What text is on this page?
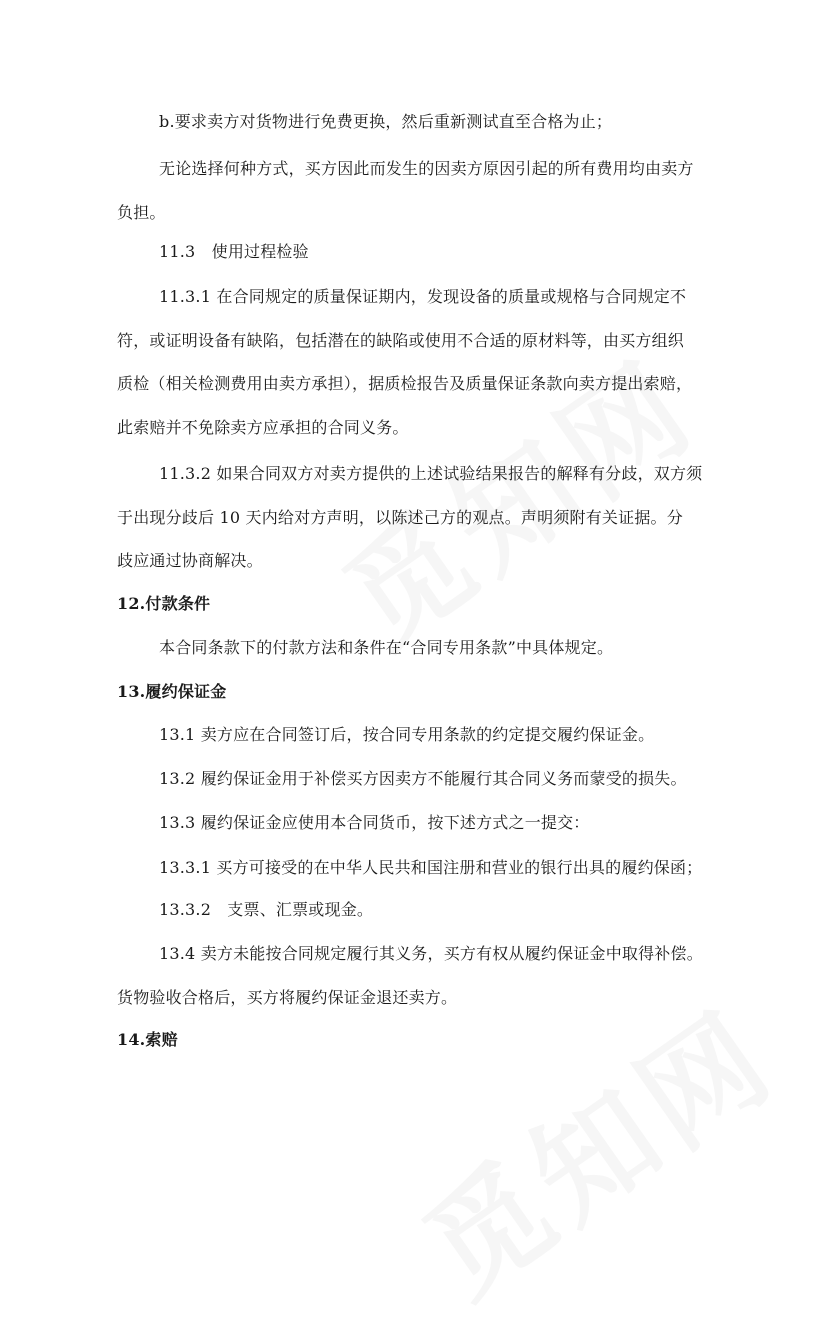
b.要求卖方对货物进行免费更换，然后重新测试直至合格为止；
无论选择何种方式，买方因此而发生的因卖方原因引起的所有费用均由卖方
负担。
11.3　使用过程检验
11.3.1 在合同规定的质量保证期内，发现设备的质量或规格与合同规定不
符，或证明设备有缺陷，包括潜在的缺陷或使用不合适的原材料等，由买方组织
质检（相关检测费用由卖方承担），据质检报告及质量保证条款向卖方提出索赔，
此索赔并不免除卖方应承担的合同义务。
11.3.2 如果合同双方对卖方提供的上述试验结果报告的解释有分歧，双方须
于出现分歧后 10 天内给对方声明，以陈述己方的观点。声明须附有关证据。分
歧应通过协商解决。
12.付款条件
本合同条款下的付款方法和条件在“合同专用条款”中具体规定。
13.履约保证金
13.1 卖方应在合同签订后，按合同专用条款的约定提交履约保证金。
13.2 履约保证金用于补偿买方因卖方不能履行其合同义务而蒙受的损失。
13.3 履约保证金应使用本合同货币，按下述方式之一提交：
13.3.1 买方可接受的在中华人民共和国注册和营业的银行出具的履约保函；
13.3.2　支票、汇票或现金。
13.4 卖方未能按合同规定履行其义务，买方有权从履约保证金中取得补偿。
货物验收合格后，买方将履约保证金退还卖方。
14.索赔
